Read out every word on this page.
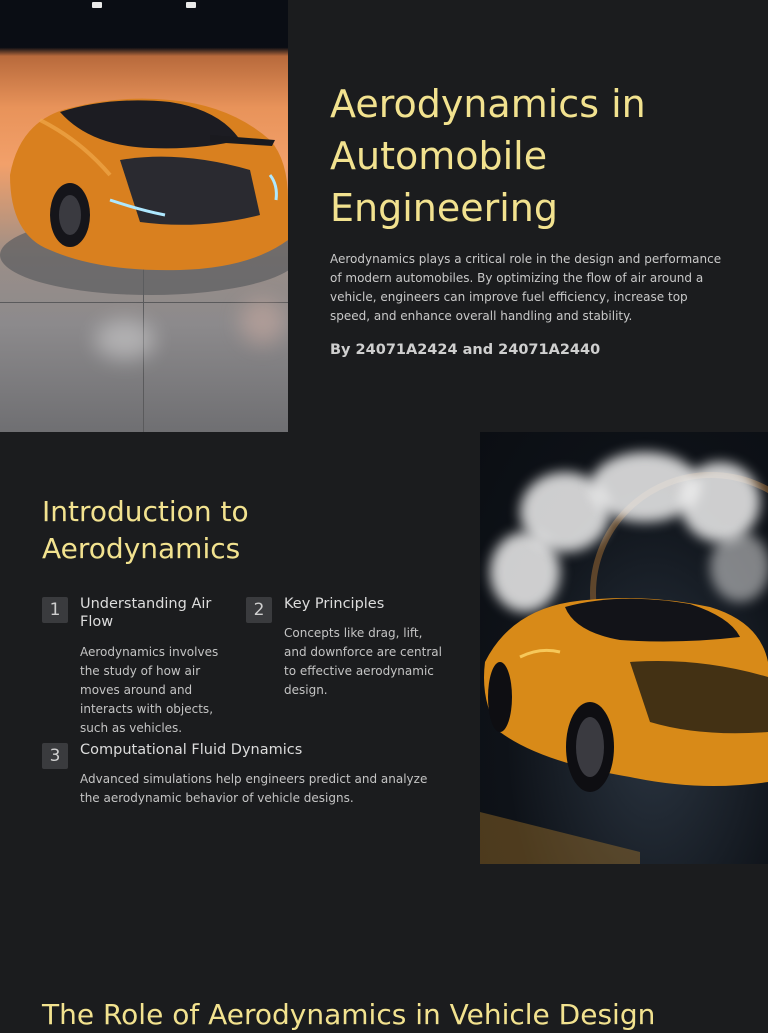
Aerodynamics in Automobile Engineering

Aerodynamics plays a critical role in the design and performance of modern automobiles. By optimizing the flow of air around a vehicle, engineers can improve fuel efficiency, increase top speed, and enhance overall handling and stability.

By 24071A2424 and 24071A2440

Introduction to Aerodynamics
1	Understanding Air Flow

Aerodynamics involves the study of how air moves around and interacts with objects, such as vehicles.

2	Key Principles

Concepts like drag, lift, and downforce are central to effective aerodynamic design.

3	Computational Fluid Dynamics

Advanced simulations help engineers predict and analyze the aerodynamic behavior of vehicle designs.

The Role of Aerodynamics in Vehicle Design
